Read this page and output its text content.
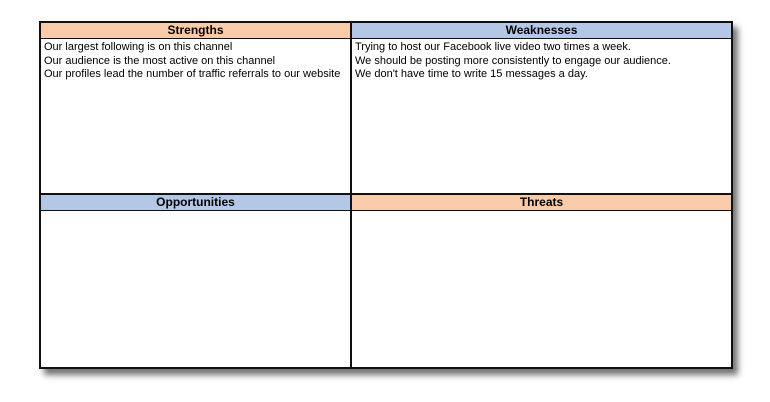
Strengths
Our largest following is on this channel
Our audience is the most active on this channel
Our profiles lead the number of traffic referrals to our website
Weaknesses
Trying to host our Facebook live video two times a week.
We should be posting more consistently to engage our audience.
We don't have time to write 15 messages a day.
Opportunities	Threats
